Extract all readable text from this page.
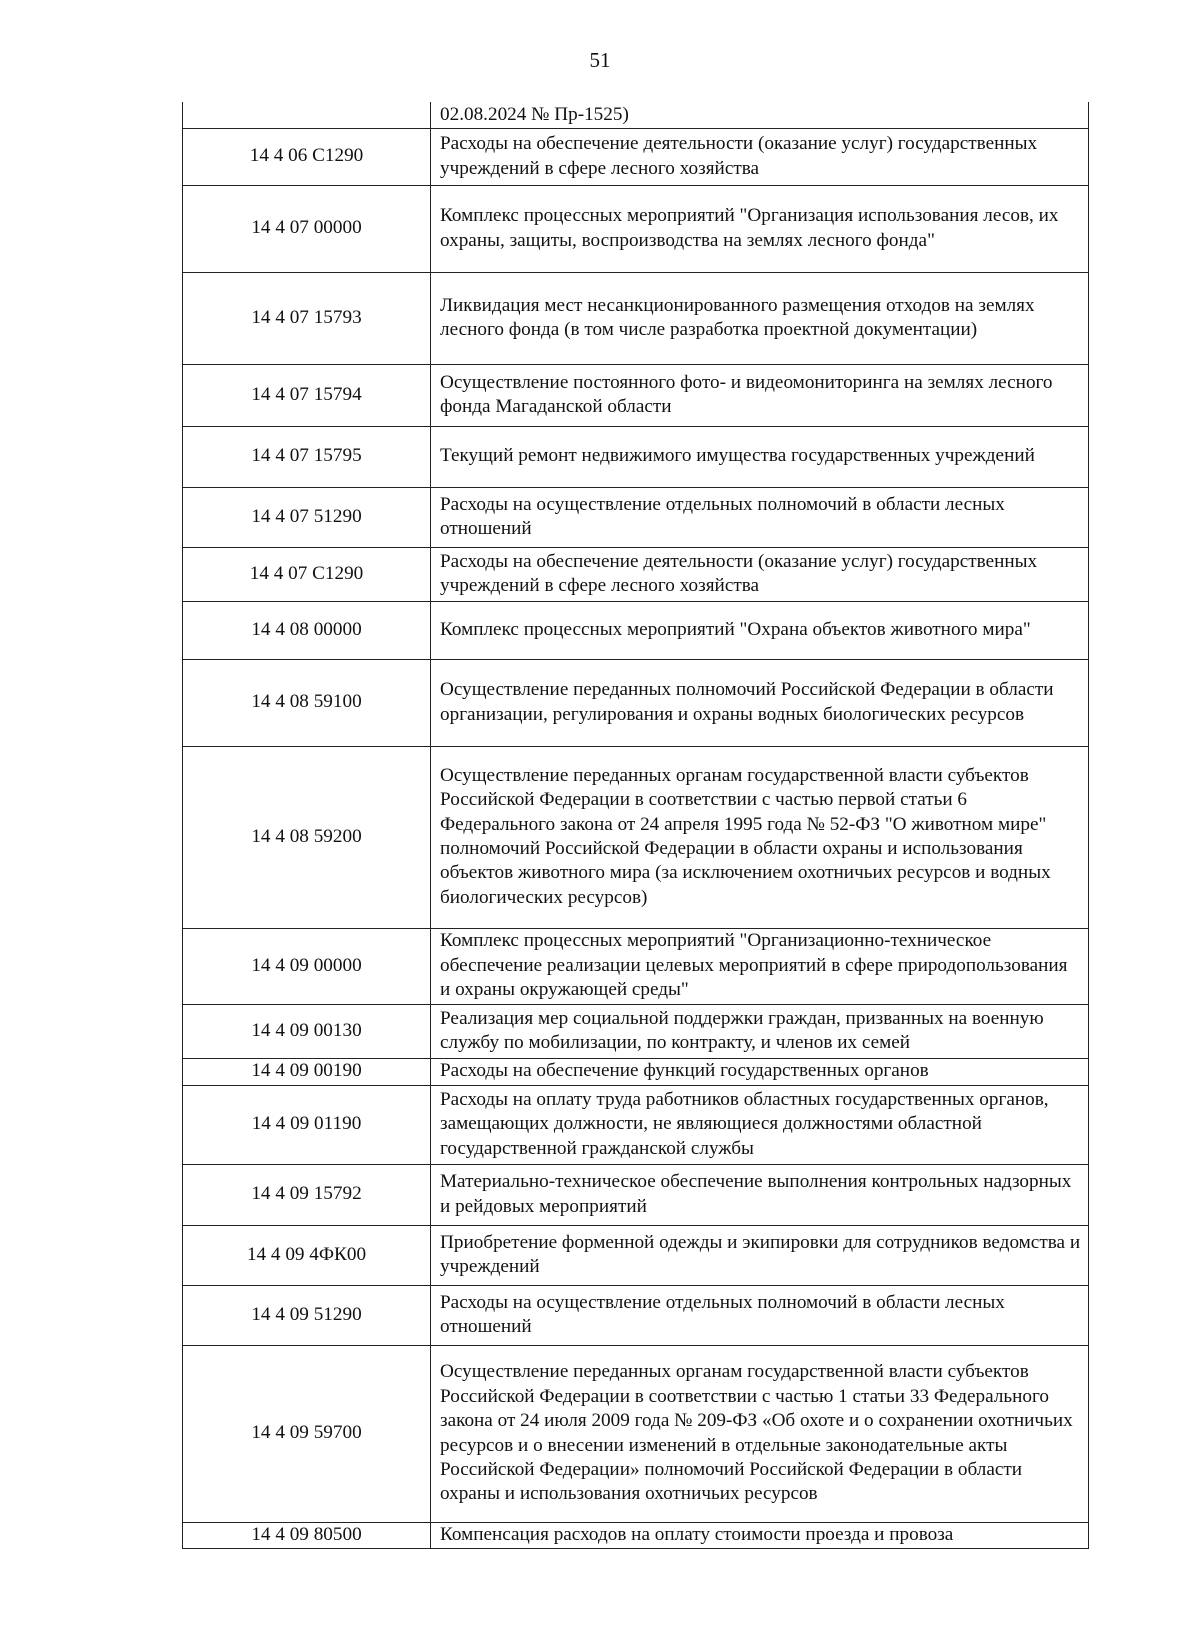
51
	02.08.2024 № Пр-1525)
14 4 06 С1290	Расходы на обеспечение деятельности (оказание услуг) государственных учреждений в сфере лесного хозяйства
14 4 07 00000	Комплекс процессных мероприятий "Организация использования лесов, их охраны, защиты, воспроизводства на землях лесного фонда"
14 4 07 15793	Ликвидация мест несанкционированного размещения отходов на землях лесного фонда (в том числе разработка проектной документации)
14 4 07 15794	Осуществление постоянного фото- и видеомониторинга на землях лесного фонда Магаданской области
14 4 07 15795	Текущий ремонт недвижимого имущества государственных учреждений
14 4 07 51290	Расходы на осуществление отдельных полномочий в области лесных отношений
14 4 07 С1290	Расходы на обеспечение деятельности (оказание услуг) государственных учреждений в сфере лесного хозяйства
14 4 08 00000	Комплекс процессных мероприятий "Охрана объектов животного мира"
14 4 08 59100	Осуществление переданных полномочий Российской Федерации в области организации, регулирования и охраны водных биологических ресурсов
14 4 08 59200	Осуществление переданных органам государственной власти субъектов Российской Федерации в соответствии с частью первой статьи 6 Федерального закона от 24 апреля 1995 года № 52-ФЗ "О животном мире" полномочий Российской Федерации в области охраны и использования объектов животного мира (за исключением охотничьих ресурсов и водных биологических ресурсов)
14 4 09 00000	Комплекс процессных мероприятий "Организационно-техническое обеспечение реализации целевых мероприятий в сфере природопользования и охраны окружающей среды"
14 4 09 00130	Реализация мер социальной поддержки граждан, призванных на военную службу по мобилизации, по контракту, и членов их семей
14 4 09 00190	Расходы на обеспечение функций государственных органов
14 4 09 01190	Расходы на оплату труда работников областных государственных органов, замещающих должности, не являющиеся должностями областной государственной гражданской службы
14 4 09 15792	Материально-техническое обеспечение выполнения контрольных надзорных и рейдовых мероприятий
14 4 09 4ФК00	Приобретение форменной одежды и экипировки для сотрудников ведомства и учреждений
14 4 09 51290	Расходы на осуществление отдельных полномочий в области лесных отношений
14 4 09 59700	Осуществление переданных органам государственной власти субъектов Российской Федерации в соответствии с частью 1 статьи 33 Федерального закона от 24 июля 2009 года № 209-ФЗ «Об охоте и о сохранении охотничьих ресурсов и о внесении изменений в отдельные законодательные акты Российской Федерации» полномочий Российской Федерации в области охраны и использования охотничьих ресурсов
14 4 09 80500	Компенсация расходов на оплату стоимости проезда и провоза
